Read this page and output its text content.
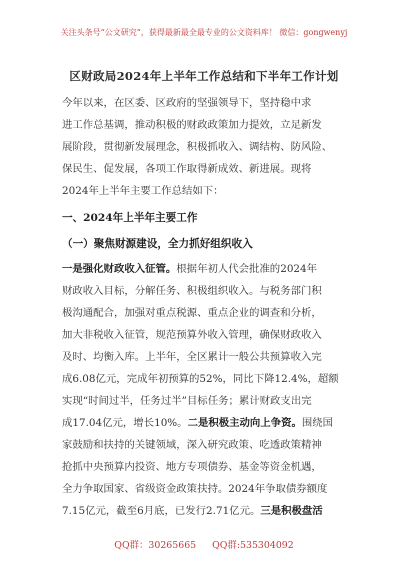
关注头条号“公文研究”，获得最新最全最专业的公文资料库！ 微信：gongwenyj
区财政局2024年上半年工作总结和下半年工作计划
今年以来，在区委、区政府的坚强领导下，坚持稳中求
进工作总基调，推动积极的财政政策加力提效，立足新发
展阶段，贯彻新发展理念，积极抓收入、调结构、防风险、
保民生、促发展，各项工作取得新成效、新进展。现将
2024年上半年主要工作总结如下：
一、2024年上半年主要工作
（一）聚焦财源建设，全力抓好组织收入
一是强化财政收入征管。根据年初人代会批准的2024年
财政收入目标，分解任务、积极组织收入。与税务部门积
极沟通配合，加强对重点税源、重点企业的调查和分析，
加大非税收入征管，规范预算外收入管理，确保财政收入
及时、均衡入库。上半年，全区累计一般公共预算收入完
成6.08亿元，完成年初预算的52%，同比下降12.4%，超额
实现“时间过半，任务过半”目标任务；累计财政支出完
成17.04亿元，增长10%。二是积极主动向上争资。围绕国
家鼓励和扶持的关键领域，深入研究政策、吃透政策精神
抢抓中央预算内投资、地方专项债券、基金等资金机遇，
全力争取国家、省级资金政策扶持。2024年争取债券额度
7.15亿元，截至6月底，已发行2.71亿元。三是积极盘活
QQ群：30265665 QQ群:535304092
